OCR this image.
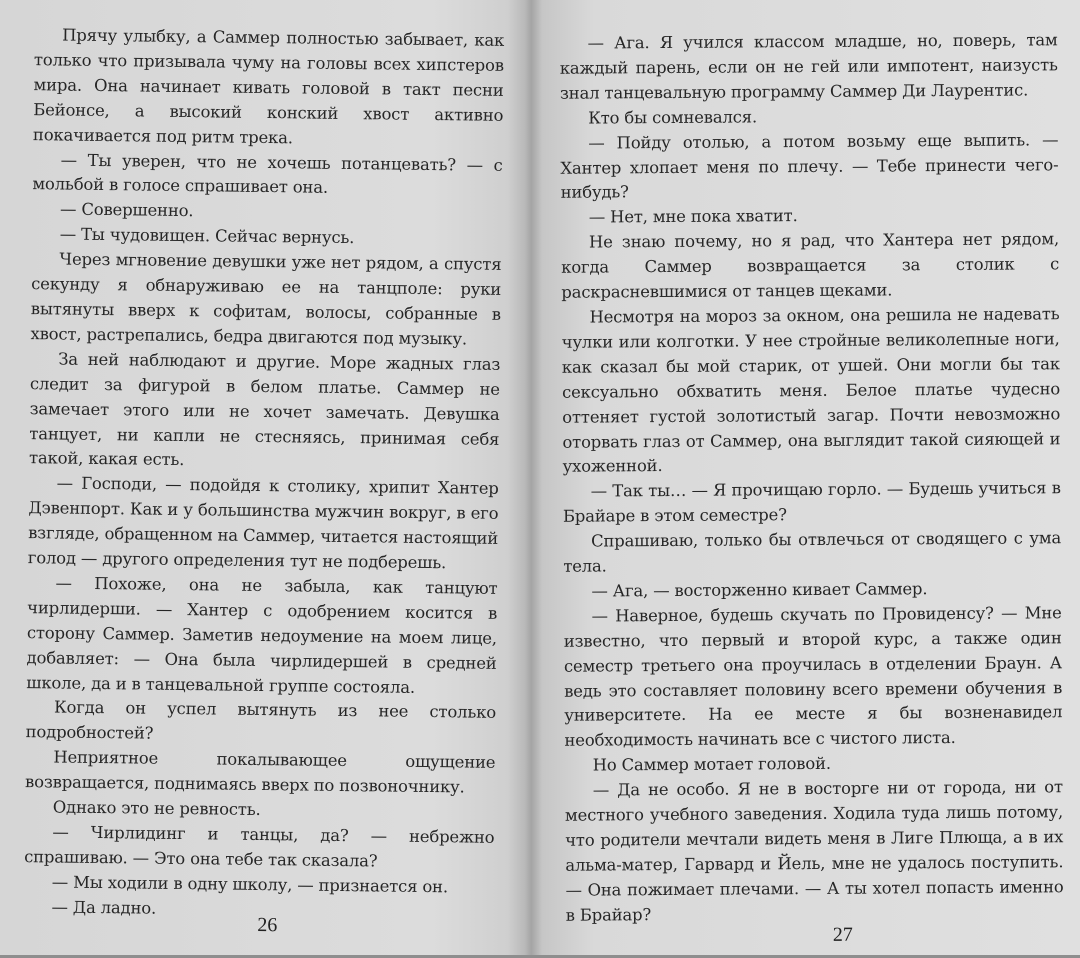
Прячу улыбку, а Саммер полностью забывает, как только что призывала чуму на головы всех хипстеров мира. Она начинает кивать головой в такт песни Бейонсе, а высокий конский хвост активно покачивается под ритм трека.

— Ты уверен, что не хочешь потанцевать? — с мольбой в голосе спрашивает она.

— Совершенно.

— Ты чудовищен. Сейчас вернусь.

Через мгновение девушки уже нет рядом, а спустя секунду я обнаруживаю ее на танцполе: руки вытянуты вверх к софитам, волосы, собранные в хвост, растрепались, бедра двигаются под музыку.

За ней наблюдают и другие. Море жадных глаз следит за фигурой в белом платье. Саммер не замечает этого или не хочет замечать. Девушка танцует, ни капли не стесняясь, принимая себя такой, какая есть.

— Господи, — подойдя к столику, хрипит Хантер Дэвенпорт. Как и у большинства мужчин вокруг, в его взгляде, обращенном на Саммер, читается настоящий голод — другого определения тут не подберешь.

— Похоже, она не забыла, как танцуют чирлидерши. — Хантер с одобрением косится в сторону Саммер. Заметив недоумение на моем лице, добавляет: — Она была чирлидершей в средней школе, да и в танцевальной группе состояла.

Когда он успел вытянуть из нее столько подробностей?

Неприятное покалывающее ощущение возвращается, поднимаясь вверх по позвоночнику.

Однако это не ревность.

— Чирлидинг и танцы, да? — небрежно спрашиваю. — Это она тебе так сказала?

— Мы ходили в одну школу, — признается он.

— Да ладно.

26

— Ага. Я учился классом младше, но, поверь, там каждый парень, если он не гей или импотент, наизусть знал танцевальную программу Саммер Ди Лаурентис.

Кто бы сомневался.

— Пойду отолью, а потом возьму еще выпить. — Хантер хлопает меня по плечу. — Тебе принести чего-нибудь?

— Нет, мне пока хватит.

Не знаю почему, но я рад, что Хантера нет рядом, когда Саммер возвращается за столик с раскрасневшимися от танцев щеками.

Несмотря на мороз за окном, она решила не надевать чулки или колготки. У нее стройные великолепные ноги, как сказал бы мой старик, от ушей. Они могли бы так сексуально обхватить меня. Белое платье чудесно оттеняет густой золотистый загар. Почти невозможно оторвать глаз от Саммер, она выглядит такой сияющей и ухоженной.

— Так ты… — Я прочищаю горло. — Будешь учиться в Брайаре в этом семестре?

Спрашиваю, только бы отвлечься от сводящего с ума тела.

— Ага, — восторженно кивает Саммер.

— Наверное, будешь скучать по Провиденсу? — Мне известно, что первый и второй курс, а также один семестр третьего она проучилась в отделении Браун. А ведь это составляет половину всего времени обучения в университете. На ее месте я бы возненавидел необходимость начинать все с чистого листа.

Но Саммер мотает головой.

— Да не особо. Я не в восторге ни от города, ни от местного учебного заведения. Ходила туда лишь потому, что родители мечтали видеть меня в Лиге Плюща, а в их альма-матер, Гарвард и Йель, мне не удалось поступить. — Она пожимает плечами. — А ты хотел попасть именно в Брайар?

27
